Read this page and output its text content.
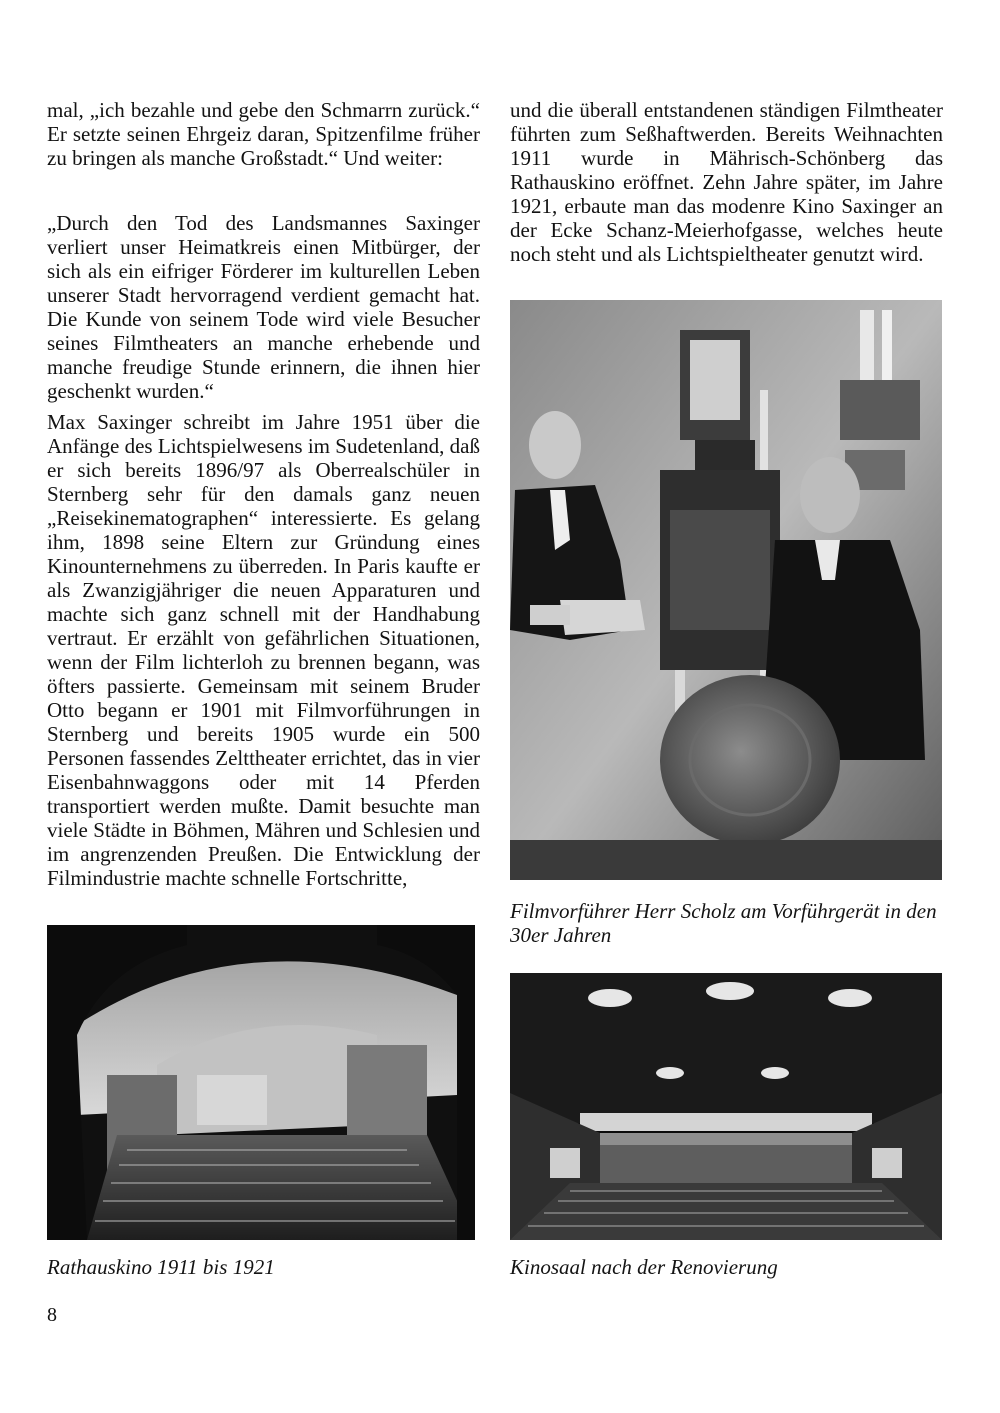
mal, „ich bezahle und gebe den Schmarrn zurück.“ Er setzte seinen Ehrgeiz daran, Spitzenfilme früher zu bringen als manche Großstadt.“ Und weiter:

„Durch den Tod des Landsmannes Saxinger verliert unser Heimatkreis einen Mitbürger, der sich als ein eifriger Förderer im kulturellen Leben unserer Stadt hervorragend verdient gemacht hat. Die Kunde von seinem Tode wird viele Besucher seines Filmtheaters an manche erhebende und manche freudige Stunde erinnern, die ihnen hier geschenkt wurden.“

Max Saxinger schreibt im Jahre 1951 über die Anfänge des Lichtspielwesens im Sudetenland, daß er sich bereits 1896/97 als Oberrealschüler in Sternberg sehr für den damals ganz neuen „Reisekinematographen“ interessierte. Es gelang ihm, 1898 seine Eltern zur Gründung eines Kinounternehmens zu überreden. In Paris kaufte er als Zwanzigjähriger die neuen Apparaturen und machte sich ganz schnell mit der Handhabung vertraut. Er erzählt von gefährlichen Situationen, wenn der Film lichterloh zu brennen begann, was öfters passierte. Gemeinsam mit seinem Bruder Otto begann er 1901 mit Filmvorführungen in Sternberg und bereits 1905 wurde ein 500 Personen fassendes Zelttheater errichtet, das in vier Eisenbahnwaggons oder mit 14 Pferden transportiert werden mußte. Damit besuchte man viele Städte in Böhmen, Mähren und Schlesien und im angrenzenden Preußen. Die Entwicklung der Filmindustrie machte schnelle Fortschritte,

und die überall entstandenen ständigen Filmtheater führten zum Seßhaftwerden. Bereits Weihnachten 1911 wurde in Mährisch-Schönberg das Rathauskino eröffnet. Zehn Jahre später, im Jahre 1921, erbaute man das modenre Kino Saxinger an der Ecke Schanz-Meierhofgasse, welches heute noch steht und als Lichtspieltheater genutzt wird.

Filmvorführer Herr Scholz am Vorführgerät in den 30er Jahren

Rathauskino 1911 bis 1921	Kinosaal nach der Renovierung

8
